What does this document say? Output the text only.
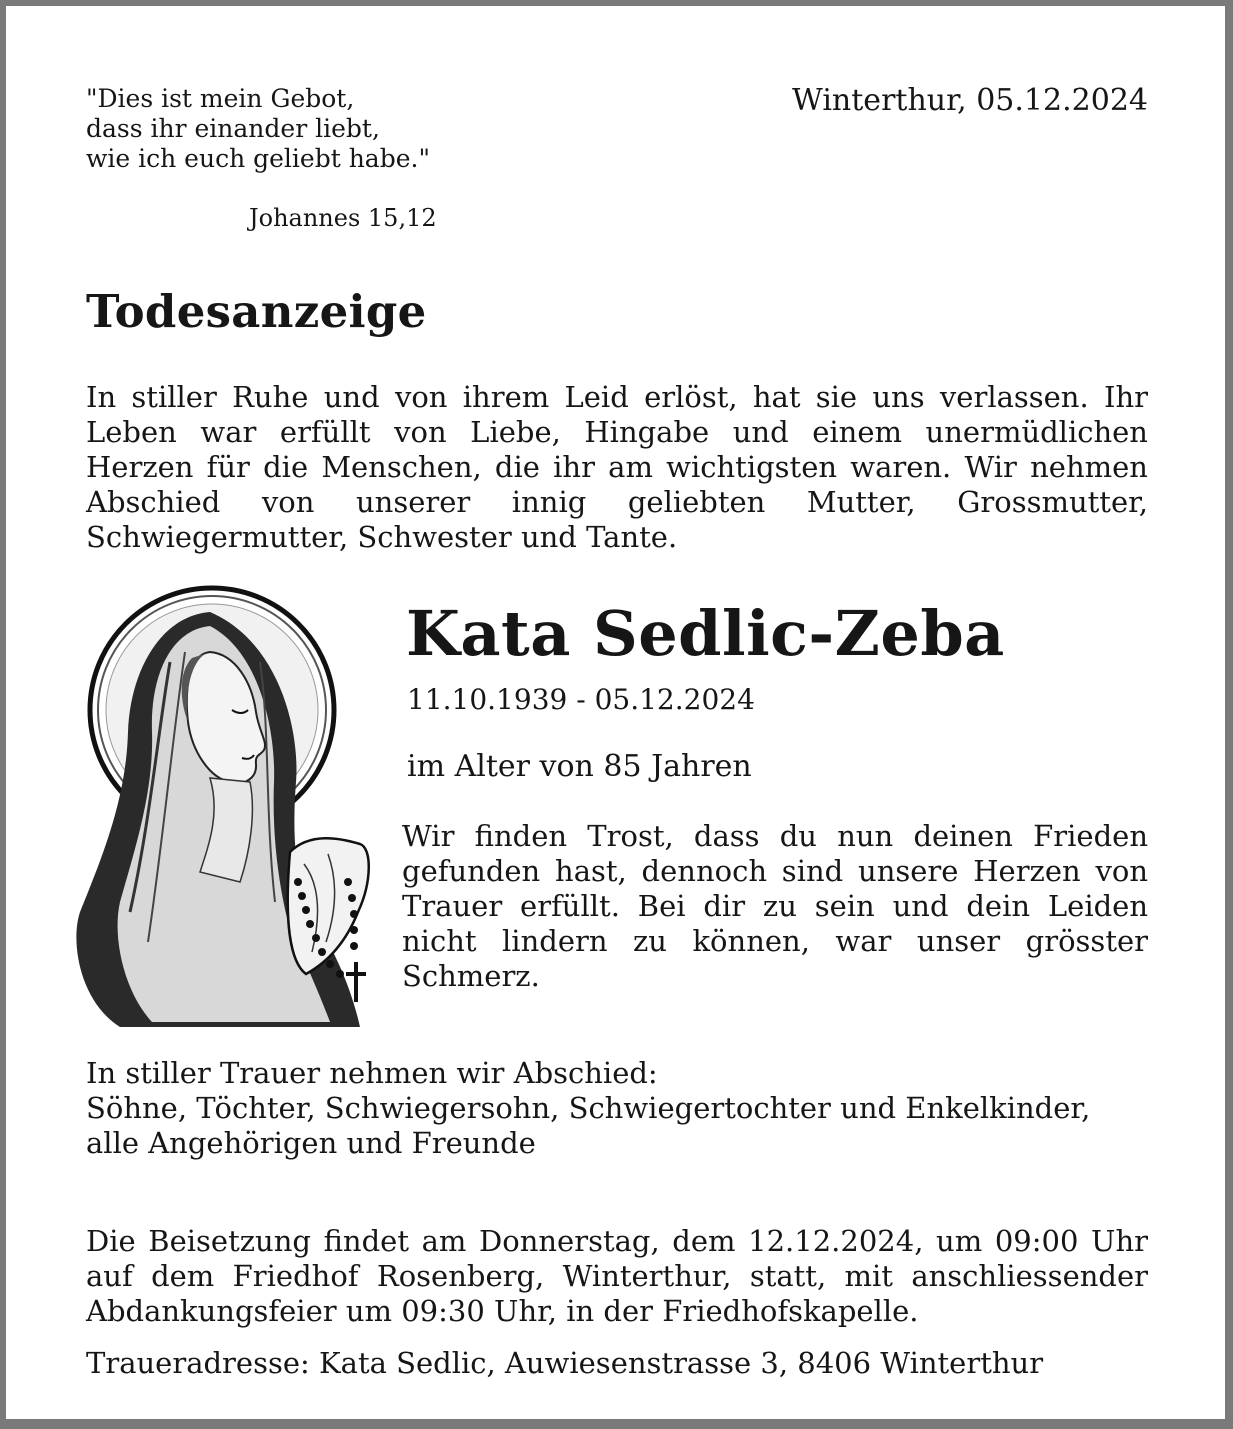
"Dies ist mein Gebot,
dass ihr einander liebt,
wie ich euch geliebt habe."
Johannes 15,12
Winterthur, 05.12.2024
Todesanzeige
In stiller Ruhe und von ihrem Leid erlöst, hat sie uns verlassen. Ihr Leben war erfüllt von Liebe, Hingabe und einem unermüdlichen Herzen für die Menschen, die ihr am wichtigsten waren. Wir nehmen Abschied von unserer innig geliebten Mutter, Grossmutter, Schwiegermutter, Schwester und Tante.
Kata Sedlic-Zeba
11.10.1939 - 05.12.2024
im Alter von 85 Jahren
Wir finden Trost, dass du nun deinen Frieden gefunden hast, dennoch sind unsere Herzen von Trauer erfüllt. Bei dir zu sein und dein Leiden nicht lindern zu können, war unser grösster Schmerz.
In stiller Trauer nehmen wir Abschied:
Söhne, Töchter, Schwiegersohn, Schwiegertochter und Enkelkinder,
alle Angehörigen und Freunde
Die Beisetzung findet am Donnerstag, dem 12.12.2024, um 09:00 Uhr auf dem Friedhof Rosenberg, Winterthur, statt, mit anschliessender Abdankungsfeier um 09:30 Uhr, in der Friedhofskapelle.
Traueradresse: Kata Sedlic, Auwiesenstrasse 3, 8406 Winterthur
